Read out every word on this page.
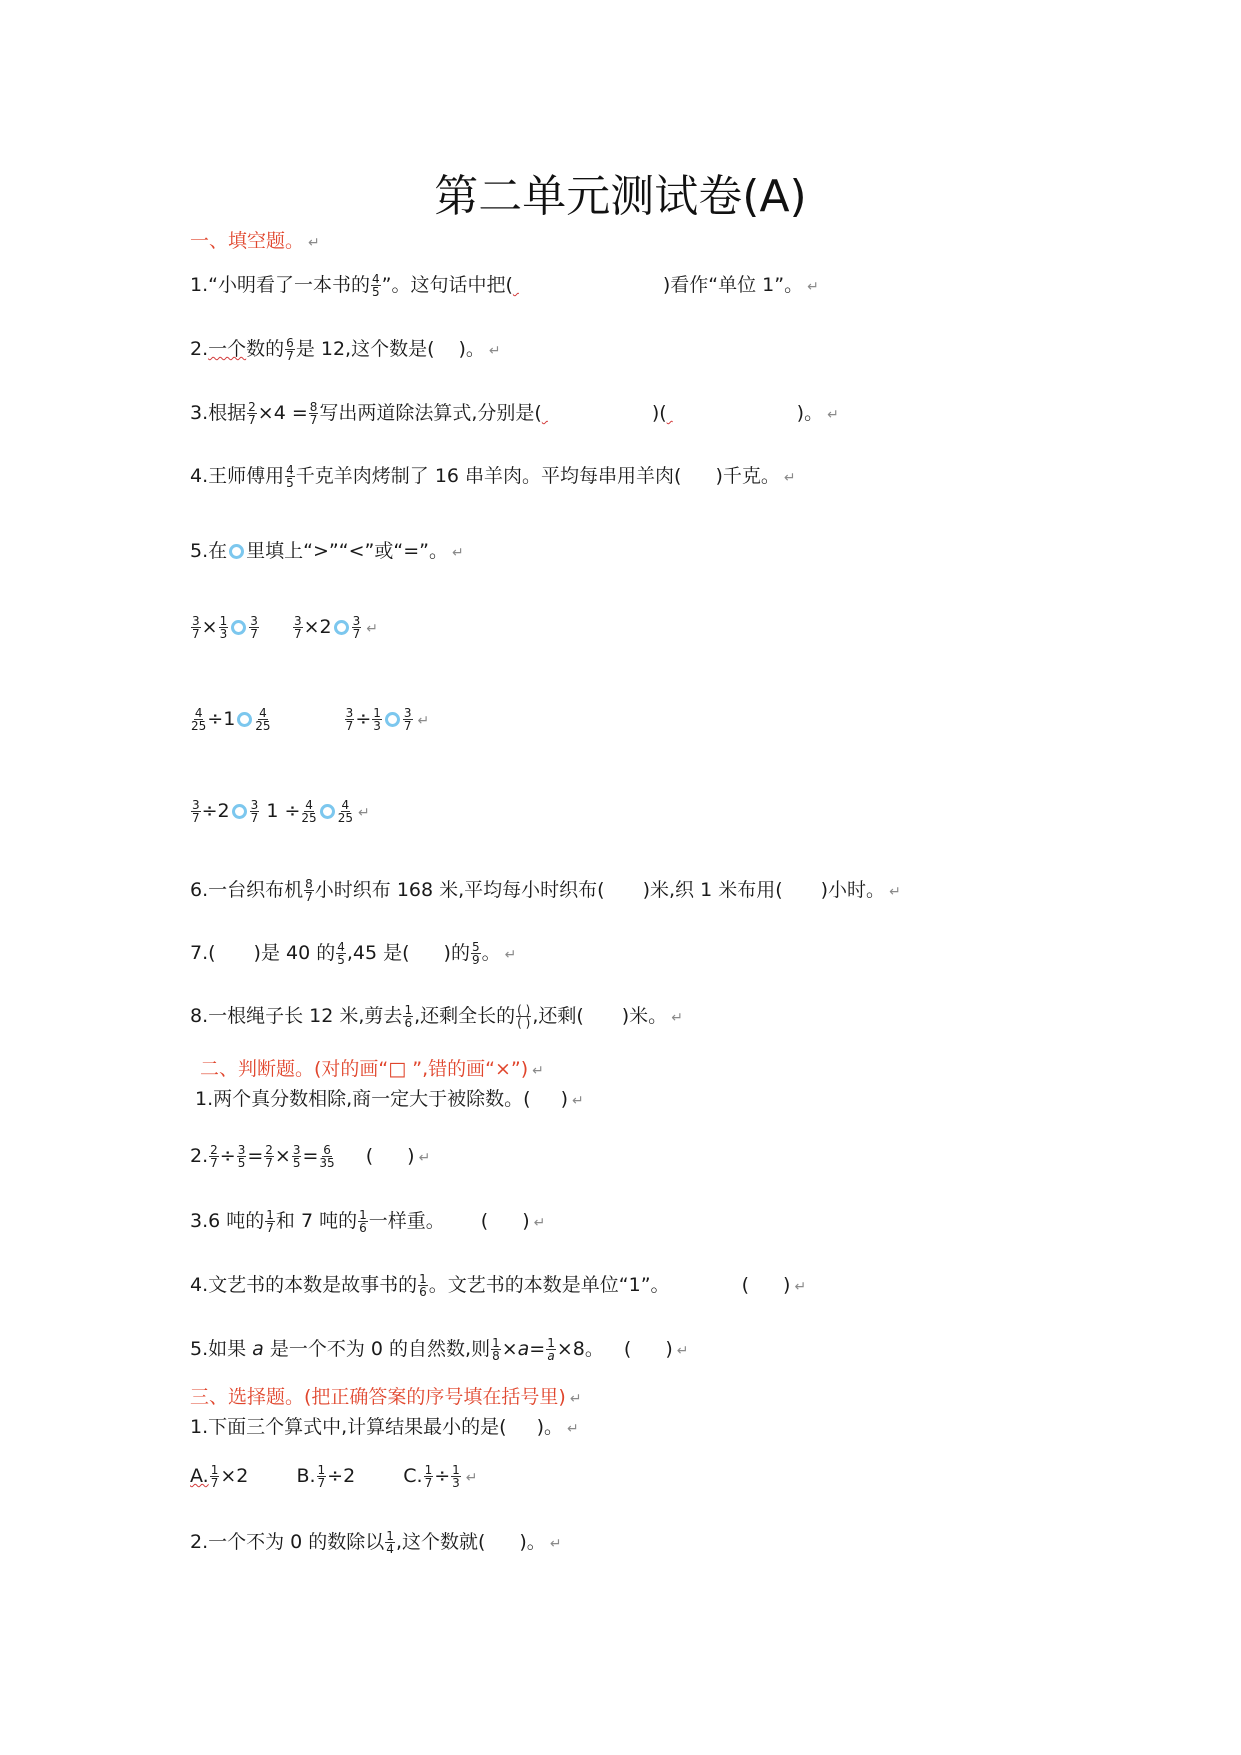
第二单元测试卷(A)
一、填空题。 ↵
1.“小明看了一本书的 $\frac{4}{5}$ ”。这句话中把(	)看作“单位 1”。 ↵
2.一个数的 $\frac{6}{7}$ 是 12,这个数是( )。 ↵
3.根据 $\frac{2}{7} \times 4 = \frac{8}{7}$ 写出两道除法算式,分别是(	)(	)。 ↵
4.王师傅用 $\frac{4}{5}$ 千克羊肉烤制了 16 串羊肉。平均每串用羊肉( )千克。 ↵
5.在 里填上“>”“<”或“=”。 ↵
$\frac{3}{7} \times \frac{1}{3} \frac{3}{7}$
	$\frac{3}{7} \times 2 \frac{3}{7}$ ↵
$\frac{4}{25} \div 1 \frac{4}{25}$
	$\frac{3}{7} \div \frac{1}{3} \frac{3}{7}$ ↵
$\frac{3}{7} \div 2 \frac{3}{7} 1 \div \frac{4}{25} \frac{4}{25}$ ↵
6.一台织布机 $\frac{8}{7}$ 小时织布 168 米,平均每小时织布( )米,织 1 米布用( )小时。 ↵
7.( )是 40 的 $\frac{4}{5} ,45$ 是( )的 $\frac{5}{9}$ 。 ↵
8.一根绳子长 12 米,剪去 $\frac{1}{6}$ ,还剩全长的 $\frac{( )}{( )}$ ,还剩( )米。 ↵
二、判断题。(对的画“□ ”,错的画“×”) ↵
1.两个真分数相除,商一定大于被除数。( ) ↵
2. $\frac{2}{7} \div \frac{3}{5} = \frac{2}{7} \times \frac{3}{5} = \frac{6}{35}$ ( ) ↵
3.6 吨的 $\frac{1}{7}$ 和 7 吨的 $\frac{1}{6}$ 一样重。 ( ) ↵
4.文艺书的本数是故事书的 $\frac{1}{6}$ 。文艺书的本数是单位“1”。	( ) ↵
5.如果 a 是一个不为 0 的自然数,则 $\frac{1}{8} \times a= \frac{1}{a} \times 8$。 ( ) ↵
三、选择题。(把正确答案的序号填在括号里) ↵
1.下面三个算式中,计算结果最小的是( )。 ↵
A. $\frac{1}{7} \times 2$	B. $\frac{1}{7} \div 2$	C. $\frac{1}{7} \div \frac{1}{3}$ ↵
2.一个不为 0 的数除以 $\frac{1}{4}$ ,这个数就( )。 ↵
